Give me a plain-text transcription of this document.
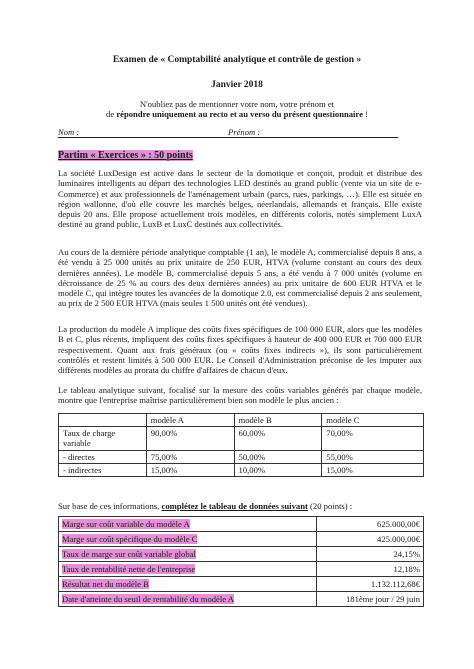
Examen de « Comptabilité analytique et contrôle de gestion »
Janvier 2018
N'oubliez pas de mentionner votre nom, votre prénom et
de répondre uniquement au recto et au verso du présent questionnaire !
Nom :	Prénom :
Partim « Exercices » : 50 points
La société LuxDesign est active dans le secteur de la domotique et conçoit, produit et distribue des luminaires intelligents au départ des technologies LED destinés au grand public (vente via un site de e-Commerce) et aux professionnels de l'aménagement urbain (parcs, rues, parkings, …). Elle est située en région wallonne, d'où elle couvre les marchés belges, néerlandais, allemands et français. Elle existe depuis 20 ans. Elle propose actuellement trois modèles, en différents coloris, notés simplement LuxA destiné au grand public, LuxB et LuxC destinés aux collectivités.
Au cours de la dernière période analytique comptable (1 an), le modèle A, commercialisé depuis 8 ans, a été vendu à 25 000 unités au prix unitaire de 250 EUR, HTVA (volume constant au cours des deux dernières années). Le modèle B, commercialisé depuis 5 ans, a été vendu à 7 000 unités (volume en décroissance de 25 % au cours des deux dernières années) au prix unitaire de 600 EUR HTVA et le modèle C, qui intègre toutes les avancées de la domotique 2.0, est commercialisé depuis 2 ans seulement, au prix de 2 500 EUR HTVA (mais seules 1 500 unités ont été vendues).
La production du modèle A implique des coûts fixes spécifiques de 100 000 EUR, alors que les modèles B et C, plus récents, impliquent des coûts fixes spécifiques à hauteur de 400 000 EUR et 700 000 EUR respectivement. Quant aux frais généraux (ou « coûts fixes indirects »), ils sont particulièrement contrôlés et restent limités à 500 000 EUR. Le Conseil d'Administration préconise de les imputer aux différents modèles au prorata du chiffre d'affaires de chacun d'eux.
Le tableau analytique suivant, focalisé sur la mesure des coûts variables générés par chaque modèle, montre que l'entreprise maîtrise particulièrement bien son modèle le plus ancien :
	modèle A	modèle B	modèle C
Taux de charge variable	90,00%	60,00%	70,00%
- directes	75,00%	50,00%	55,00%
- indirectes	15,00%	10,00%	15,00%
Sur base de ces informations, complétez le tableau de données suivant (20 points) :
Marge sur coût variable du modèle A	625.000,00€
Marge sur coût spécifique du modèle C	425.000,00€
Taux de marge sur coût variable global	24,15%
Taux de rentabilité nette de l'entreprise	12,18%
Résultat net du modèle B	1.132.112,68€
Date d'atteinte du seuil de rentabilité du modèle A	181ème jour / 29 juin
